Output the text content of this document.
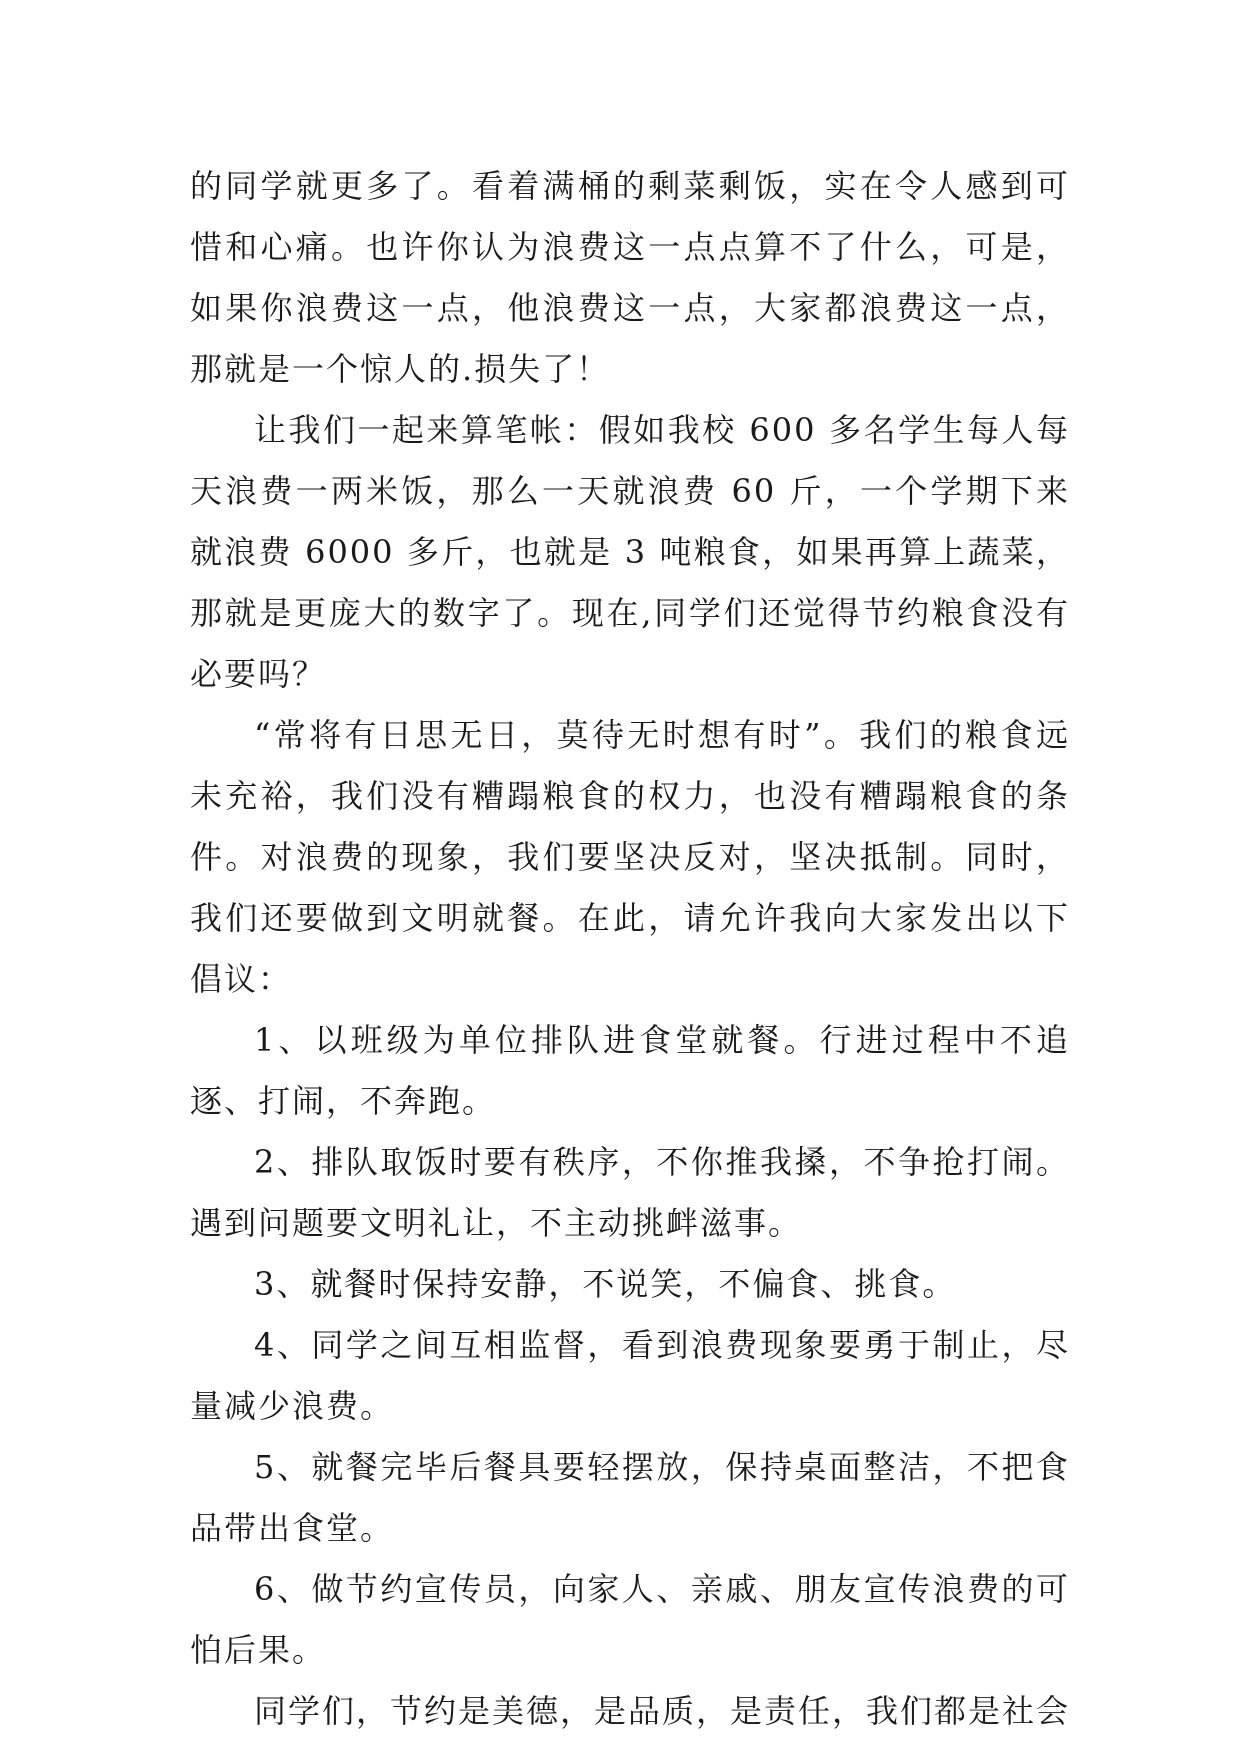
的同学就更多了。看着满桶的剩菜剩饭，实在令人感到可惜和心痛。也许你认为浪费这一点点算不了什么，可是，如果你浪费这一点，他浪费这一点，大家都浪费这一点，那就是一个惊人的.损失了！

让我们一起来算笔帐：假如我校 600 多名学生每人每天浪费一两米饭，那么一天就浪费 60 斤，一个学期下来就浪费 6000 多斤，也就是 3 吨粮食，如果再算上蔬菜，那就是更庞大的数字了。现在,同学们还觉得节约粮食没有必要吗？

“常将有日思无日，莫待无时想有时”。我们的粮食远未充裕，我们没有糟蹋粮食的权力，也没有糟蹋粮食的条件。对浪费的现象，我们要坚决反对，坚决抵制。同时，我们还要做到文明就餐。在此，请允许我向大家发出以下倡议：

1、以班级为单位排队进食堂就餐。行进过程中不追逐、打闹，不奔跑。

2、排队取饭时要有秩序，不你推我搡，不争抢打闹。遇到问题要文明礼让，不主动挑衅滋事。

3、就餐时保持安静，不说笑，不偏食、挑食。

4、同学之间互相监督，看到浪费现象要勇于制止，尽量减少浪费。

5、就餐完毕后餐具要轻摆放，保持桌面整洁，不把食品带出食堂。

6、做节约宣传员，向家人、亲戚、朋友宣传浪费的可怕后果。

同学们，节约是美德，是品质，是责任，我们都是社会
